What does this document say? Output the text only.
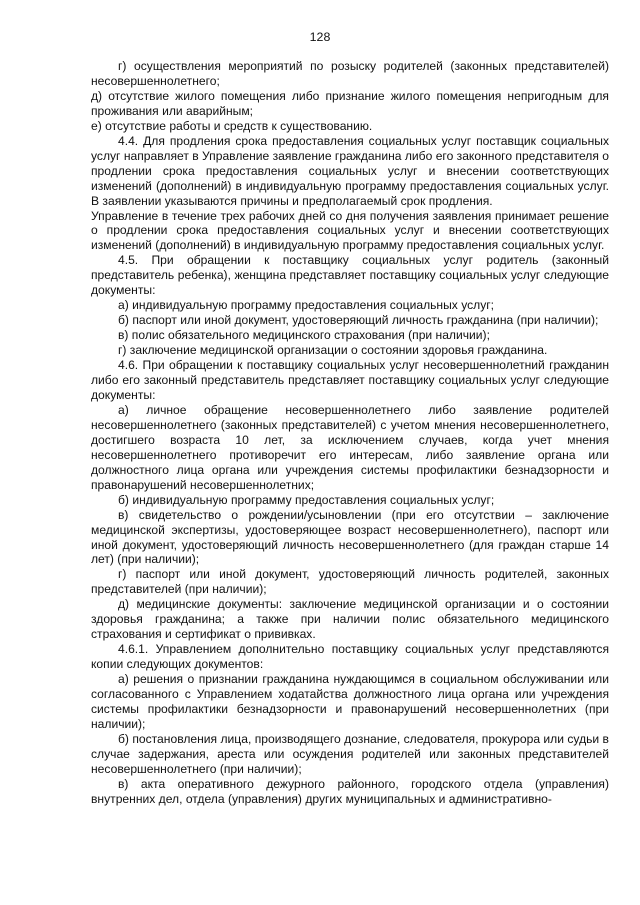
128

г) осуществления мероприятий по розыску родителей (законных представителей) несовершеннолетнего;

д) отсутствие жилого помещения либо признание жилого помещения непригодным для проживания или аварийным;

е) отсутствие работы и средств к существованию.

4.4. Для продления срока предоставления социальных услуг поставщик социальных услуг направляет в Управление заявление гражданина либо его законного представителя о продлении срока предоставления социальных услуг и внесении соответствующих изменений (дополнений) в индивидуальную программу предоставления социальных услуг. В заявлении указываются причины и предполагаемый срок продления.

Управление в течение трех рабочих дней со дня получения заявления принимает решение о продлении срока предоставления социальных услуг и внесении соответствующих изменений (дополнений) в индивидуальную программу предоставления социальных услуг.

4.5. При обращении к поставщику социальных услуг родитель (законный представитель ребенка), женщина представляет поставщику социальных услуг следующие документы:

а) индивидуальную программу предоставления социальных услуг;

б) паспорт или иной документ, удостоверяющий личность гражданина (при наличии);

в) полис обязательного медицинского страхования (при наличии);

г) заключение медицинской организации о состоянии здоровья гражданина.

4.6. При обращении к поставщику социальных услуг несовершеннолетний гражданин либо его законный представитель представляет поставщику социальных услуг следующие документы:

а) личное обращение несовершеннолетнего либо заявление родителей несовершеннолетнего (законных представителей) с учетом мнения несовершеннолетнего, достигшего возраста 10 лет, за исключением случаев, когда учет мнения несовершеннолетнего противоречит его интересам, либо заявление органа или должностного лица органа или учреждения системы профилактики безнадзорности и правонарушений несовершеннолетних;

б) индивидуальную программу предоставления социальных услуг;

в) свидетельство о рождении/усыновлении (при его отсутствии – заключение медицинской экспертизы, удостоверяющее возраст несовершеннолетнего), паспорт или иной документ, удостоверяющий личность несовершеннолетнего (для граждан старше 14 лет) (при наличии);

г) паспорт или иной документ, удостоверяющий личность родителей, законных представителей (при наличии);

д) медицинские документы: заключение медицинской организации и о состоянии здоровья гражданина; а также при наличии полис обязательного медицинского страхования и сертификат о прививках.

4.6.1. Управлением дополнительно поставщику социальных услуг представляются копии следующих документов:

а) решения о признании гражданина нуждающимся в социальном обслуживании или согласованного с Управлением ходатайства должностного лица органа или учреждения системы профилактики безнадзорности и правонарушений несовершеннолетних (при наличии);

б) постановления лица, производящего дознание, следователя, прокурора или судьи в случае задержания, ареста или осуждения родителей или законных представителей несовершеннолетнего (при наличии);

в) акта оперативного дежурного районного, городского отдела (управления) внутренних дел, отдела (управления) других муниципальных и административно-
